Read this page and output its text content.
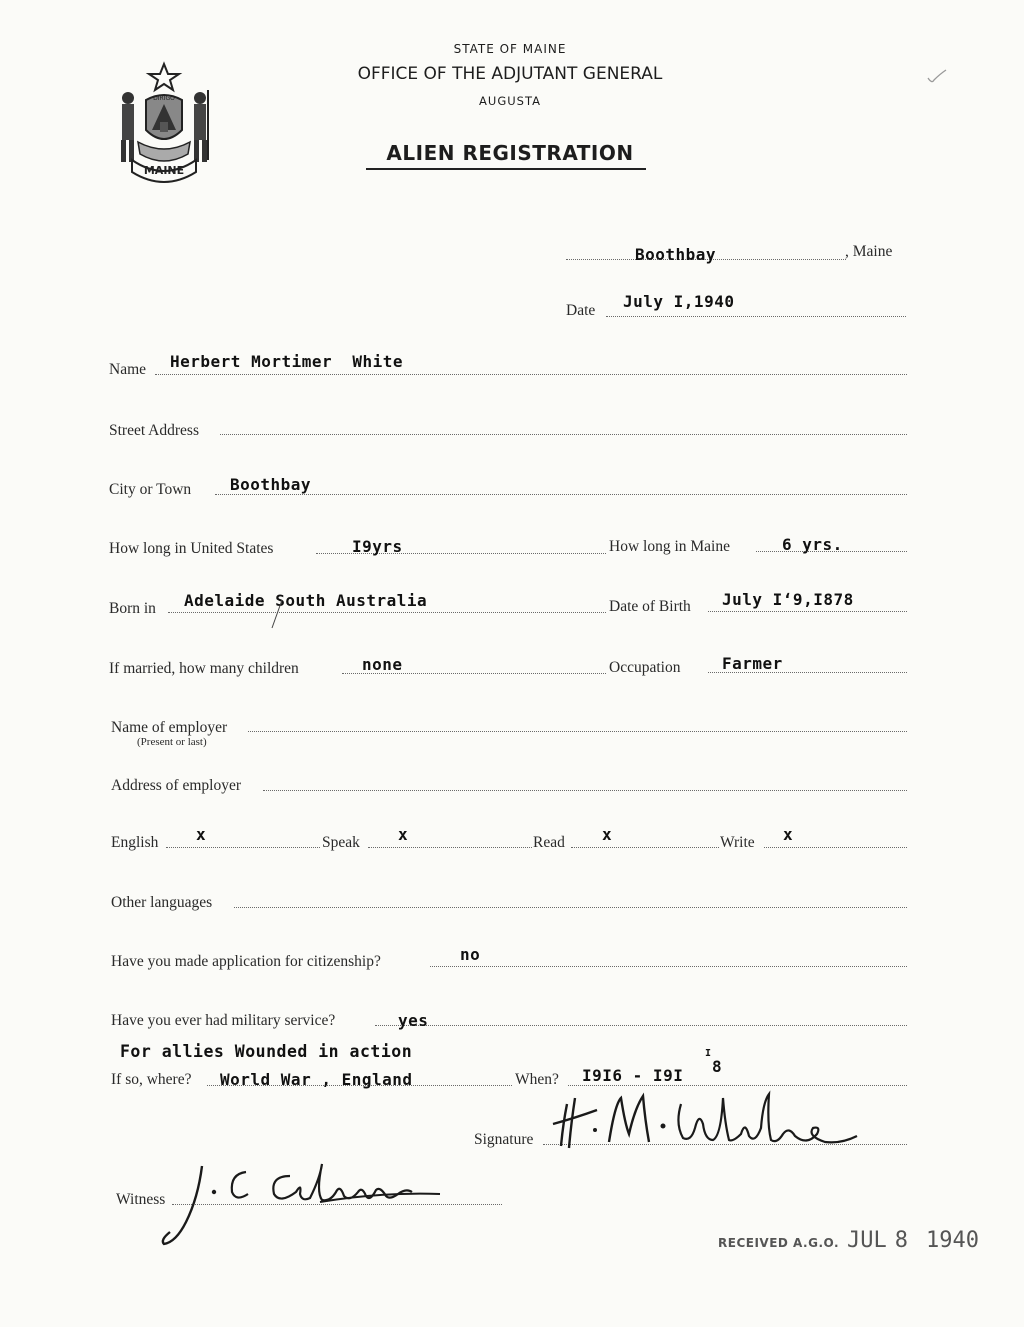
MAINE
DIRIGO
STATE OF MAINE
OFFICE OF THE ADJUTANT GENERAL
AUGUSTA
ALIEN REGISTRATION
Boothbay	, Maine
Date July I,1940
Name Herbert Mortimer  White
Street Address
City or Town Boothbay
How long in United States	I9yrs	How long in Maine	6 yrs.
Born in Adelaide South Australia	Date of Birth July Iʻ9,I878
If married, how many children	none	Occupation	Farmer
Name of employer
(Present or last)
Address of employer
English x	Speak x	Read x	Write x
Other languages
Have you made application for citizenship?	no
Have you ever had military service?	yes
For allies Wounded in action
If so, where? World War , England	When? I9I6 - I9I 8
I
Signature
Witness
RECEIVED A.G.O. JUL 8 1940
